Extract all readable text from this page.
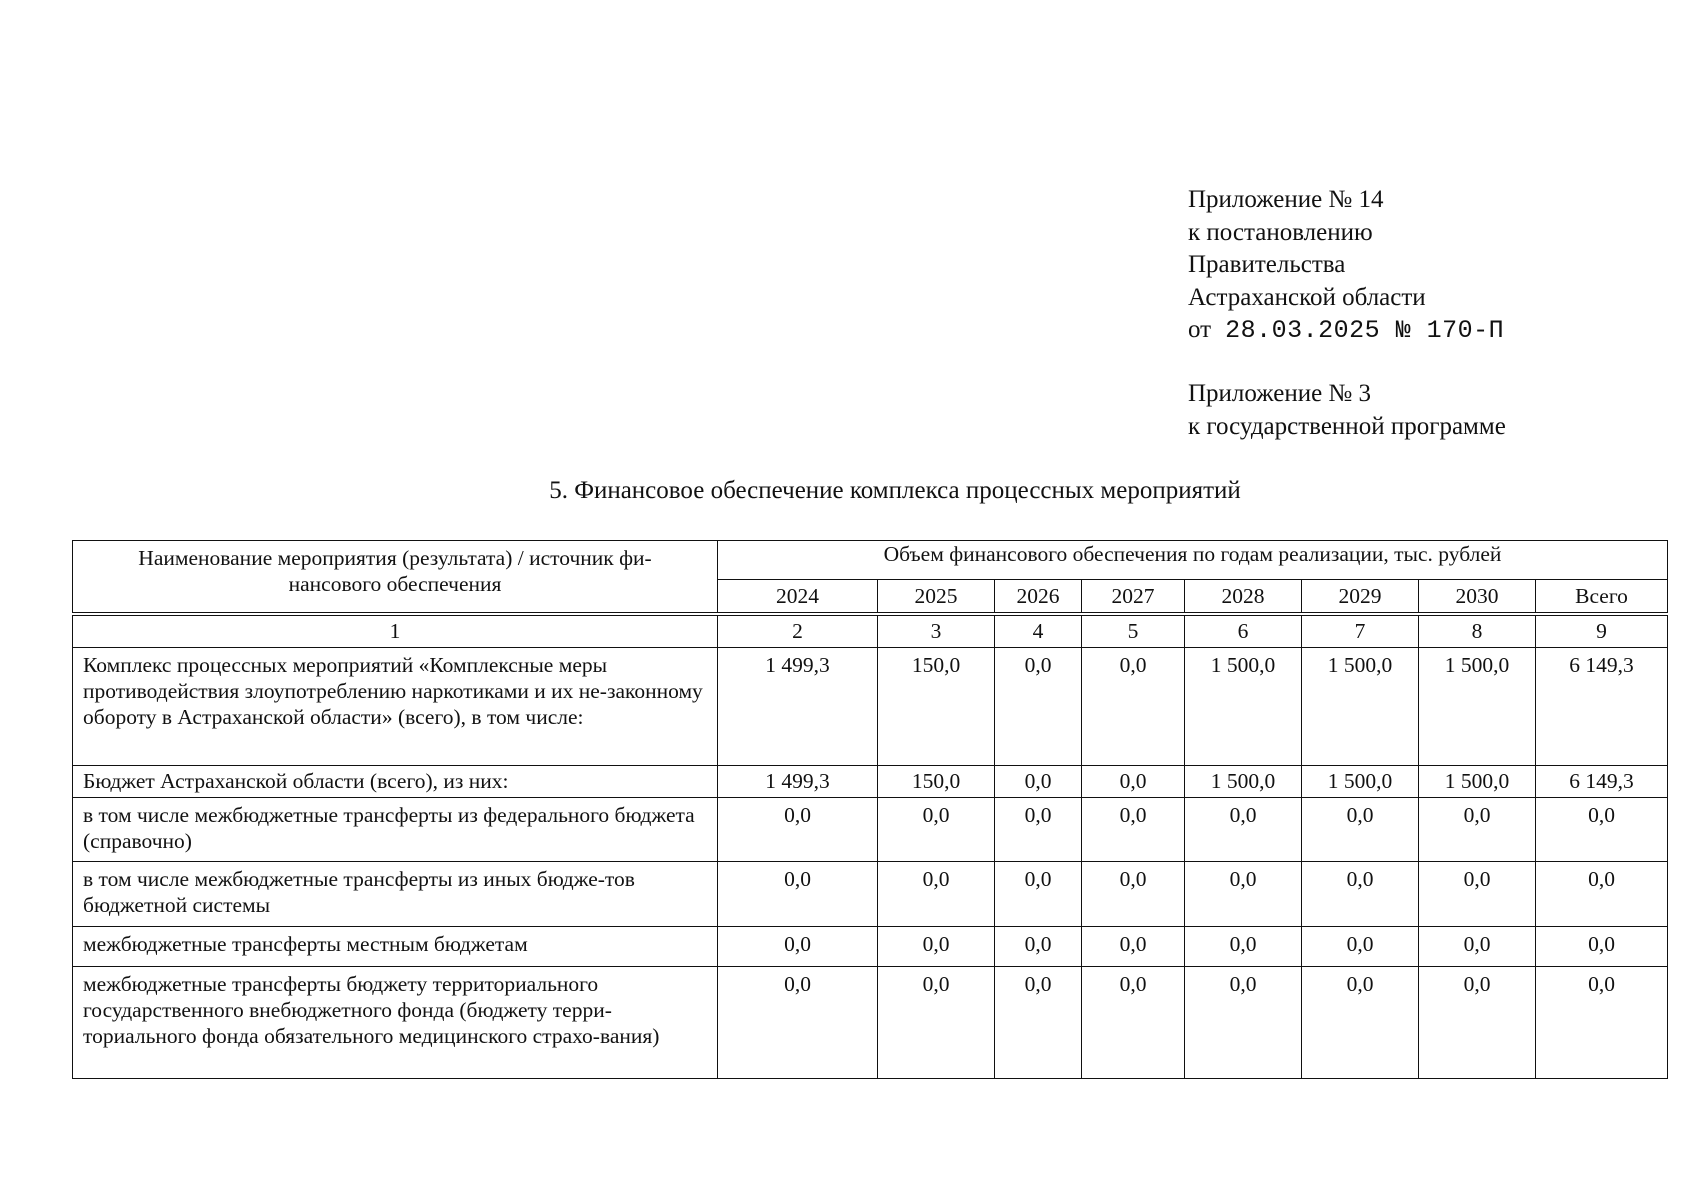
Приложение № 14
к постановлению
Правительства
Астраханской области
от 28.03.2025 № 170-П
Приложение № 3
к государственной программе
5. Финансовое обеспечение комплекса процессных мероприятий
Наименование мероприятия (результата) / источник фи-нансового обеспечения	Объем финансового обеспечения по годам реализации, тыс. рублей							
	2024	2025	2026	2027	2028	2029	2030	Всего
1	2	3	4	5	6	7	8	9
Комплекс процессных мероприятий «Комплексные меры противодействия злоупотреблению наркотиками и их не-законному обороту в Астраханской области» (всего), в том числе:	1 499,3	150,0	0,0	0,0	1 500,0	1 500,0	1 500,0	6 149,3
Бюджет Астраханской области (всего), из них:	1 499,3	150,0	0,0	0,0	1 500,0	1 500,0	1 500,0	6 149,3
в том числе межбюджетные трансферты из федерального бюджета (справочно)	0,0	0,0	0,0	0,0	0,0	0,0	0,0	0,0
в том числе межбюджетные трансферты из иных бюдже-тов бюджетной системы	0,0	0,0	0,0	0,0	0,0	0,0	0,0	0,0
межбюджетные трансферты местным бюджетам	0,0	0,0	0,0	0,0	0,0	0,0	0,0	0,0
межбюджетные трансферты бюджету территориального государственного внебюджетного фонда (бюджету терри-ториального фонда обязательного медицинского страхо-вания)	0,0	0,0	0,0	0,0	0,0	0,0	0,0	0,0
